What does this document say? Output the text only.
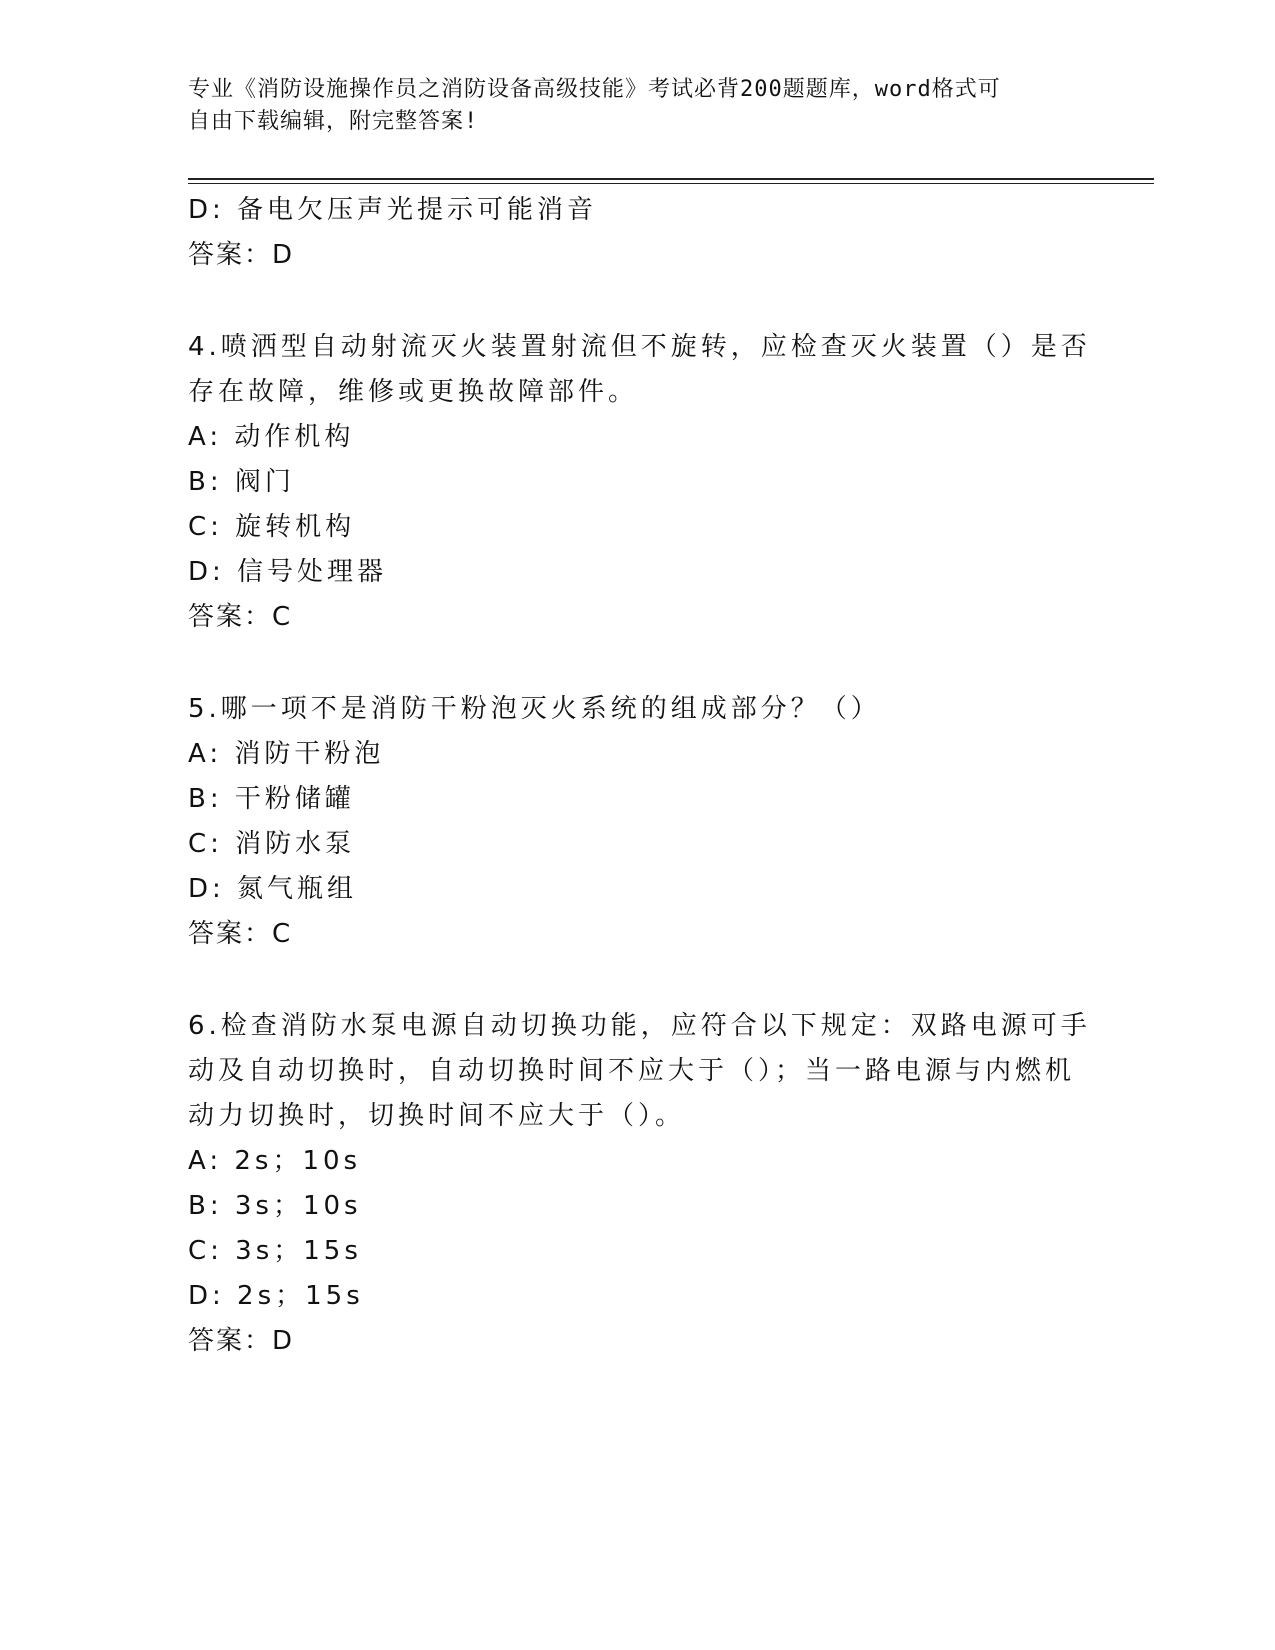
专业《消防设施操作员之消防设备高级技能》考试必背200题题库，word格式可
自由下载编辑，附完整答案!
D: 备电欠压声光提示可能消音
答案：D
4.喷洒型自动射流灭火装置射流但不旋转，应检查灭火装置（）是否
存在故障，维修或更换故障部件。
A: 动作机构
B: 阀门
C: 旋转机构
D: 信号处理器
答案：C
5.哪一项不是消防干粉泡灭火系统的组成部分？（）
A: 消防干粉泡
B: 干粉储罐
C: 消防水泵
D: 氮气瓶组
答案：C
6.检查消防水泵电源自动切换功能，应符合以下规定：双路电源可手
动及自动切换时，自动切换时间不应大于（）；当一路电源与内燃机
动力切换时，切换时间不应大于（）。
A: 2s；10s
B: 3s；10s
C: 3s；15s
D: 2s；15s
答案：D
